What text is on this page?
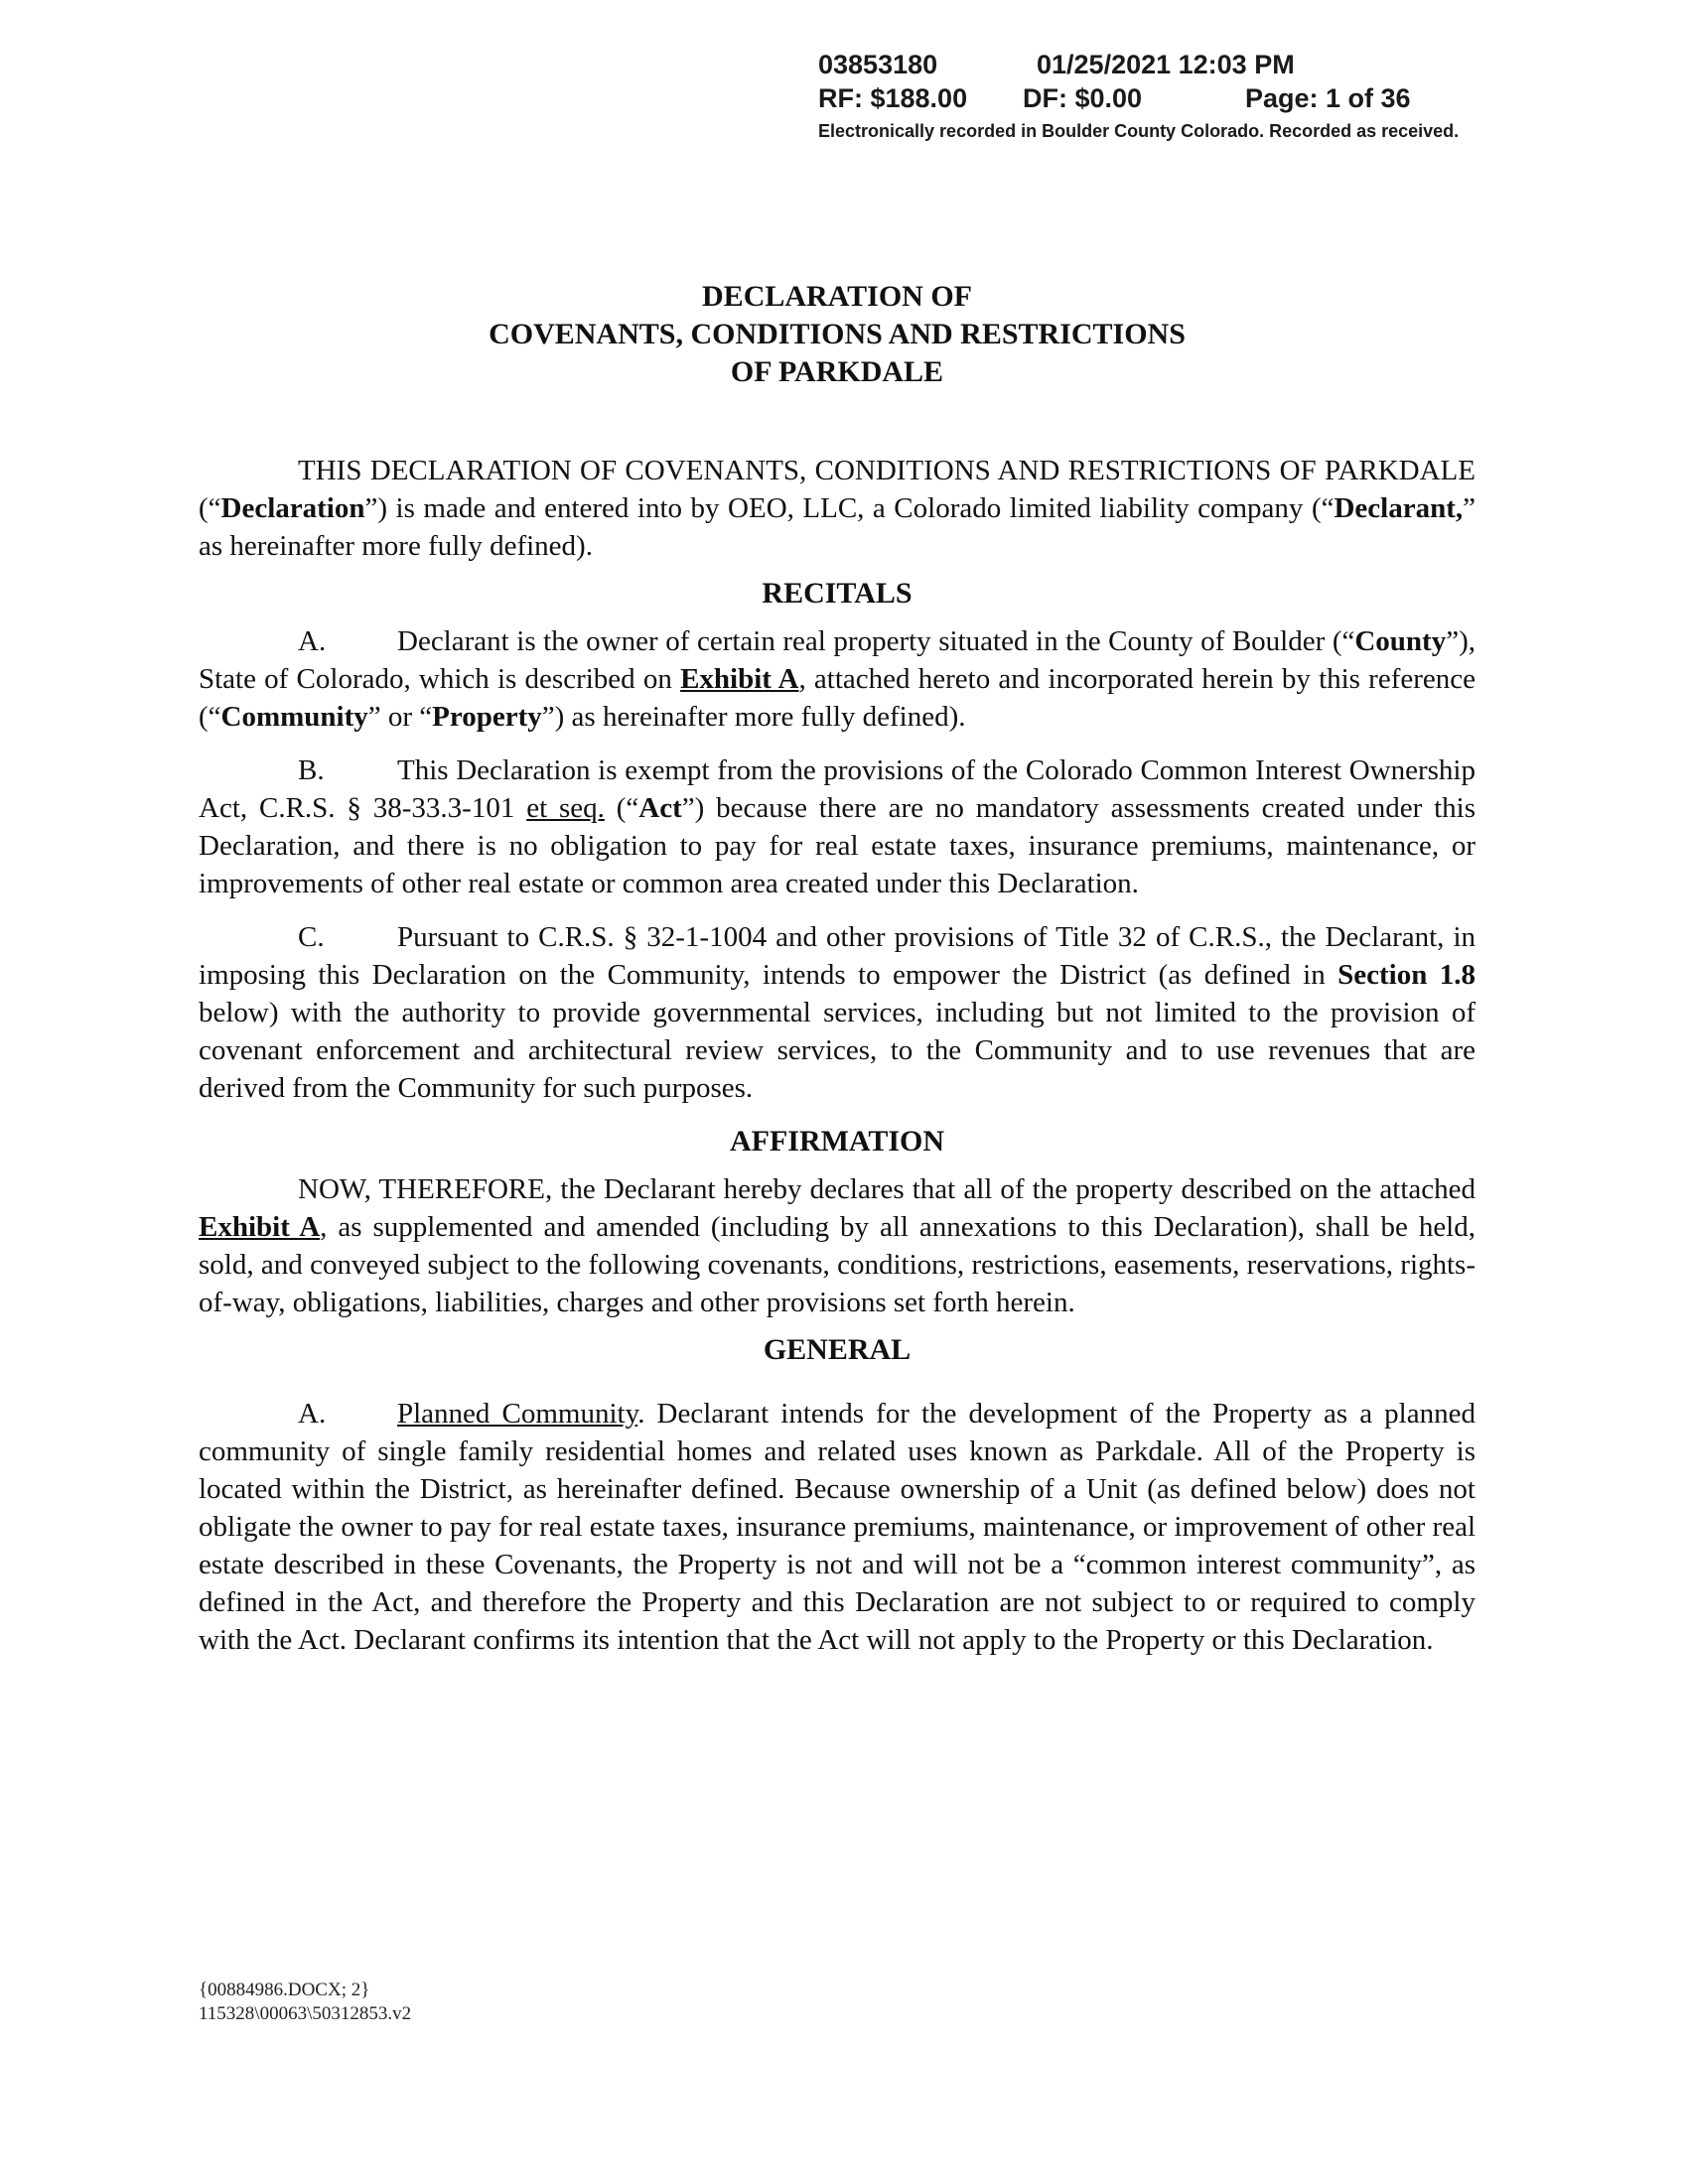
03853180	01/25/2021 12:03 PM
RF: $188.00 DF: $0.00	Page: 1 of 36
Electronically recorded in Boulder County Colorado. Recorded as received.

DECLARATION OF

COVENANTS, CONDITIONS AND RESTRICTIONS

OF PARKDALE

THIS DECLARATION OF COVENANTS, CONDITIONS AND RESTRICTIONS OF PARKDALE (“Declaration”) is made and entered into by OEO, LLC, a Colorado limited liability company (“Declarant,” as hereinafter more fully defined).

RECITALS

A. Declarant is the owner of certain real property situated in the County of Boulder (“County”), State of Colorado, which is described on Exhibit A, attached hereto and incorporated herein by this reference (“Community” or “Property”) as hereinafter more fully defined).

B.	This Declaration is exempt from the provisions of the Colorado Common Interest Ownership Act, C.R.S. § 38-33.3-101 et seq. (“Act”) because there are no mandatory assessments created under this Declaration, and there is no obligation to pay for real estate taxes, insurance premiums, maintenance, or improvements of other real estate or common area created under this Declaration.

C.	Pursuant to C.R.S. § 32-1-1004 and other provisions of Title 32 of C.R.S., the Declarant, in imposing this Declaration on the Community, intends to empower the District (as defined in Section 1.8 below) with the authority to provide governmental services, including but not limited to the provision of covenant enforcement and architectural review services, to the Community and to use revenues that are derived from the Community for such purposes.

AFFIRMATION

NOW, THEREFORE, the Declarant hereby declares that all of the property described on the attached Exhibit A, as supplemented and amended (including by all annexations to this Declaration), shall be held, sold, and conveyed subject to the following covenants, conditions, restrictions, easements, reservations, rights-of-way, obligations, liabilities, charges and other provisions set forth herein.

GENERAL

A. Planned Community. Declarant intends for the development of the Property as a planned community of single family residential homes and related uses known as Parkdale. All of the Property is located within the District, as hereinafter defined. Because ownership of a Unit (as defined below) does not obligate the owner to pay for real estate taxes, insurance premiums, maintenance, or improvement of other real estate described in these Covenants, the Property is not and will not be a “common interest community”, as defined in the Act, and therefore the Property and this Declaration are not subject to or required to comply with the Act. Declarant confirms its intention that the Act will not apply to the Property or this Declaration.

{00884986.DOCX; 2}
115328\00063\50312853.v2
